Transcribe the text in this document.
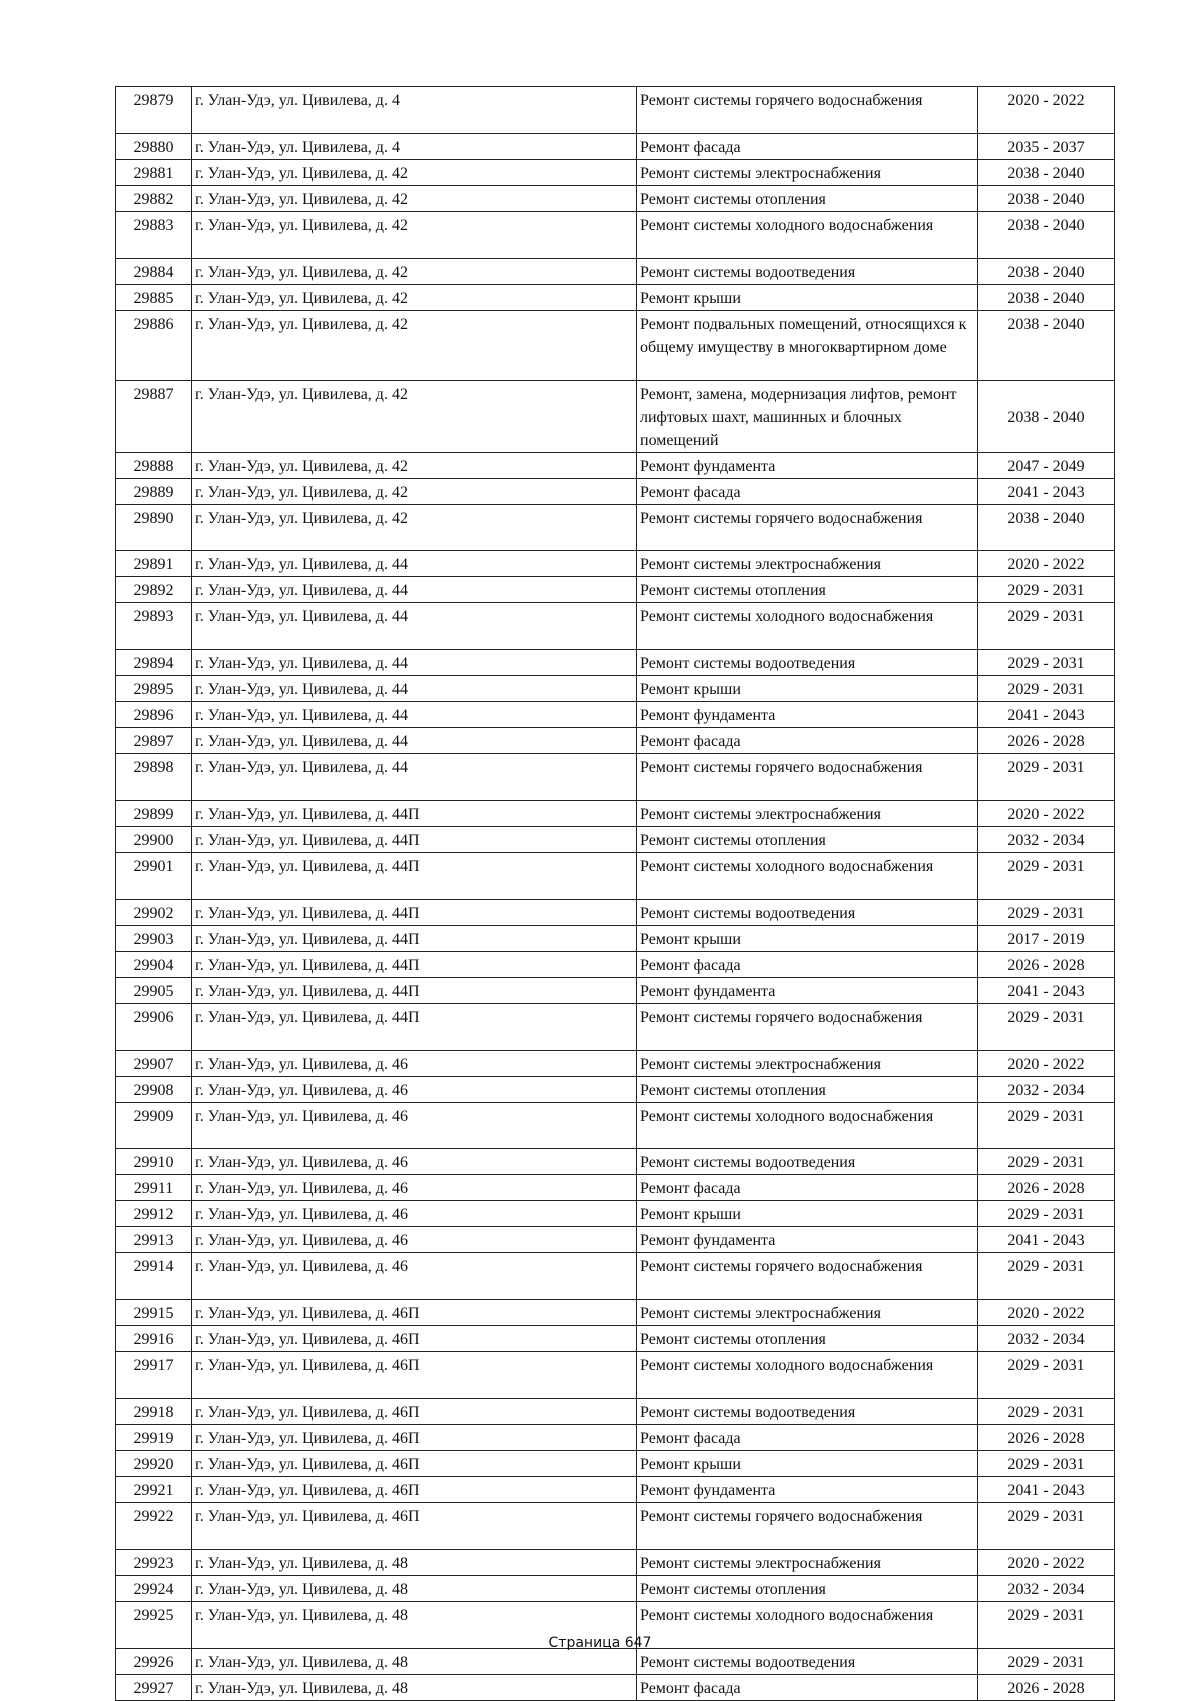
29879	г. Улан-Удэ, ул. Цивилева, д. 4	Ремонт системы горячего водоснабжения	2020 - 2022
29880	г. Улан-Удэ, ул. Цивилева, д. 4	Ремонт фасада	2035 - 2037
29881	г. Улан-Удэ, ул. Цивилева, д. 42	Ремонт системы электроснабжения	2038 - 2040
29882	г. Улан-Удэ, ул. Цивилева, д. 42	Ремонт системы отопления	2038 - 2040
29883	г. Улан-Удэ, ул. Цивилева, д. 42	Ремонт системы холодного водоснабжения	2038 - 2040
29884	г. Улан-Удэ, ул. Цивилева, д. 42	Ремонт системы водоотведения	2038 - 2040
29885	г. Улан-Удэ, ул. Цивилева, д. 42	Ремонт крыши	2038 - 2040
29886	г. Улан-Удэ, ул. Цивилева, д. 42	Ремонт подвальных помещений, относящихся к общему имуществу в многоквартирном доме	2038 - 2040
29887	г. Улан-Удэ, ул. Цивилева, д. 42	Ремонт, замена, модернизация лифтов, ремонт лифтовых шахт, машинных и блочных помещений	2038 - 2040
29888	г. Улан-Удэ, ул. Цивилева, д. 42	Ремонт фундамента	2047 - 2049
29889	г. Улан-Удэ, ул. Цивилева, д. 42	Ремонт фасада	2041 - 2043
29890	г. Улан-Удэ, ул. Цивилева, д. 42	Ремонт системы горячего водоснабжения	2038 - 2040
29891	г. Улан-Удэ, ул. Цивилева, д. 44	Ремонт системы электроснабжения	2020 - 2022
29892	г. Улан-Удэ, ул. Цивилева, д. 44	Ремонт системы отопления	2029 - 2031
29893	г. Улан-Удэ, ул. Цивилева, д. 44	Ремонт системы холодного водоснабжения	2029 - 2031
29894	г. Улан-Удэ, ул. Цивилева, д. 44	Ремонт системы водоотведения	2029 - 2031
29895	г. Улан-Удэ, ул. Цивилева, д. 44	Ремонт крыши	2029 - 2031
29896	г. Улан-Удэ, ул. Цивилева, д. 44	Ремонт фундамента	2041 - 2043
29897	г. Улан-Удэ, ул. Цивилева, д. 44	Ремонт фасада	2026 - 2028
29898	г. Улан-Удэ, ул. Цивилева, д. 44	Ремонт системы горячего водоснабжения	2029 - 2031
29899	г. Улан-Удэ, ул. Цивилева, д. 44П	Ремонт системы электроснабжения	2020 - 2022
29900	г. Улан-Удэ, ул. Цивилева, д. 44П	Ремонт системы отопления	2032 - 2034
29901	г. Улан-Удэ, ул. Цивилева, д. 44П	Ремонт системы холодного водоснабжения	2029 - 2031
29902	г. Улан-Удэ, ул. Цивилева, д. 44П	Ремонт системы водоотведения	2029 - 2031
29903	г. Улан-Удэ, ул. Цивилева, д. 44П	Ремонт крыши	2017 - 2019
29904	г. Улан-Удэ, ул. Цивилева, д. 44П	Ремонт фасада	2026 - 2028
29905	г. Улан-Удэ, ул. Цивилева, д. 44П	Ремонт фундамента	2041 - 2043
29906	г. Улан-Удэ, ул. Цивилева, д. 44П	Ремонт системы горячего водоснабжения	2029 - 2031
29907	г. Улан-Удэ, ул. Цивилева, д. 46	Ремонт системы электроснабжения	2020 - 2022
29908	г. Улан-Удэ, ул. Цивилева, д. 46	Ремонт системы отопления	2032 - 2034
29909	г. Улан-Удэ, ул. Цивилева, д. 46	Ремонт системы холодного водоснабжения	2029 - 2031
29910	г. Улан-Удэ, ул. Цивилева, д. 46	Ремонт системы водоотведения	2029 - 2031
29911	г. Улан-Удэ, ул. Цивилева, д. 46	Ремонт фасада	2026 - 2028
29912	г. Улан-Удэ, ул. Цивилева, д. 46	Ремонт крыши	2029 - 2031
29913	г. Улан-Удэ, ул. Цивилева, д. 46	Ремонт фундамента	2041 - 2043
29914	г. Улан-Удэ, ул. Цивилева, д. 46	Ремонт системы горячего водоснабжения	2029 - 2031
29915	г. Улан-Удэ, ул. Цивилева, д. 46П	Ремонт системы электроснабжения	2020 - 2022
29916	г. Улан-Удэ, ул. Цивилева, д. 46П	Ремонт системы отопления	2032 - 2034
29917	г. Улан-Удэ, ул. Цивилева, д. 46П	Ремонт системы холодного водоснабжения	2029 - 2031
29918	г. Улан-Удэ, ул. Цивилева, д. 46П	Ремонт системы водоотведения	2029 - 2031
29919	г. Улан-Удэ, ул. Цивилева, д. 46П	Ремонт фасада	2026 - 2028
29920	г. Улан-Удэ, ул. Цивилева, д. 46П	Ремонт крыши	2029 - 2031
29921	г. Улан-Удэ, ул. Цивилева, д. 46П	Ремонт фундамента	2041 - 2043
29922	г. Улан-Удэ, ул. Цивилева, д. 46П	Ремонт системы горячего водоснабжения	2029 - 2031
29923	г. Улан-Удэ, ул. Цивилева, д. 48	Ремонт системы электроснабжения	2020 - 2022
29924	г. Улан-Удэ, ул. Цивилева, д. 48	Ремонт системы отопления	2032 - 2034
29925	г. Улан-Удэ, ул. Цивилева, д. 48	Ремонт системы холодного водоснабжения	2029 - 2031
29926	г. Улан-Удэ, ул. Цивилева, д. 48	Ремонт системы водоотведения	2029 - 2031
29927	г. Улан-Удэ, ул. Цивилева, д. 48	Ремонт фасада	2026 - 2028
Страница 647
